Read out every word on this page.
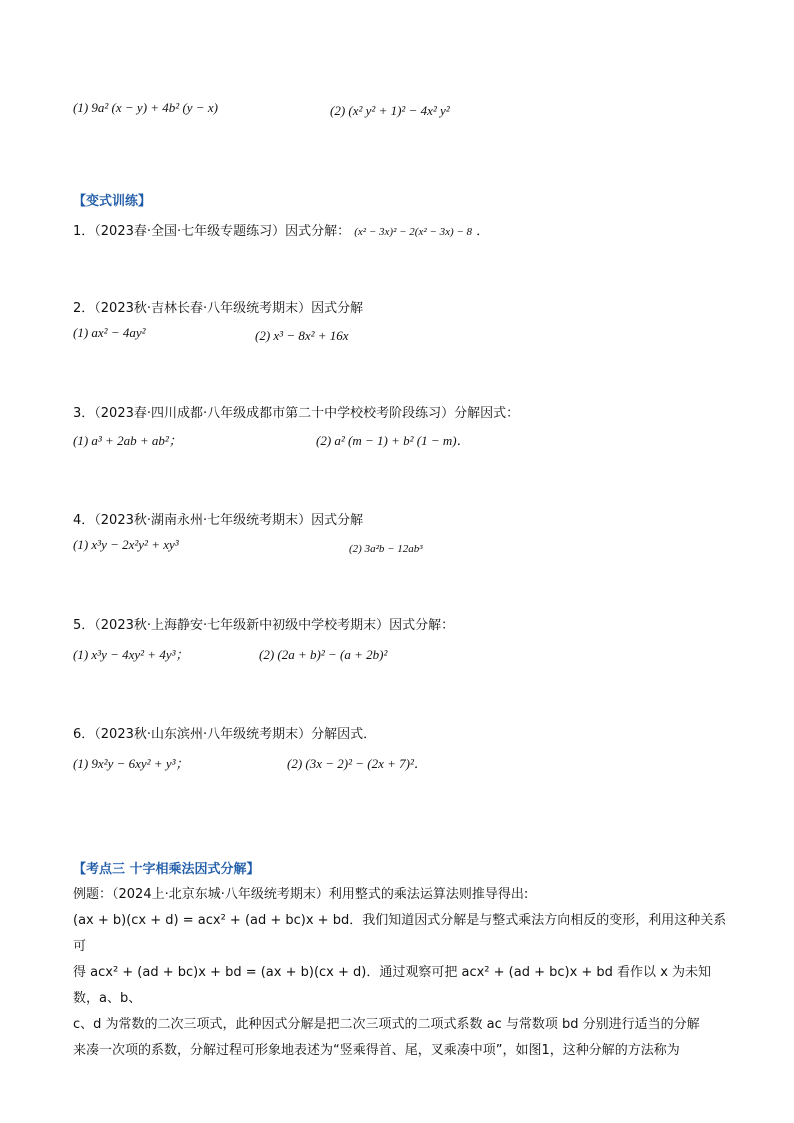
(1) 9a² (x − y) + 4b² (y − x)	(2) (x² y² + 1)² − 4x² y²
【变式训练】
1．（2023春·全国·七年级专题练习）因式分解： (x² − 3x)² − 2(x² − 3x) − 8 ．
2．（2023秋·吉林长春·八年级统考期末）因式分解
(1) ax² − 4ay²	(2) x³ − 8x² + 16x
3．（2023春·四川成都·八年级成都市第二十中学校校考阶段练习）分解因式：
(1) a³ + 2ab + ab²；	(2) a² (m − 1) + b² (1 − m)．
4．（2023秋·湖南永州·七年级统考期末）因式分解
(1) x³y − 2x²y² + xy³	(2) 3a²b − 12ab³
5．（2023秋·上海静安·七年级新中初级中学校考期末）因式分解：
(1) x³y − 4xy² + 4y³；	(2) (2a + b)² − (a + 2b)²
6．（2023秋·山东滨州·八年级统考期末）分解因式．
(1) 9x²y − 6xy² + y³；	(2) (3x − 2)² − (2x + 7)²．
【考点三 十字相乘法因式分解】
例题：（2024上·北京东城·八年级统考期末）利用整式的乘法运算法则推导得出:
(ax + b)(cx + d) = acx² + (ad + bc)x + bd．我们知道因式分解是与整式乘法方向相反的变形，利用这种关系可
得 acx² + (ad + bc)x + bd = (ax + b)(cx + d)．通过观察可把 acx² + (ad + bc)x + bd 看作以 x 为未知数，a、b、
c、d 为常数的二次三项式，此种因式分解是把二次三项式的二项式系数 ac 与常数项 bd 分别进行适当的分解
来凑一次项的系数，分解过程可形象地表述为“竖乘得首、尾，叉乘凑中项”，如图1，这种分解的方法称为
